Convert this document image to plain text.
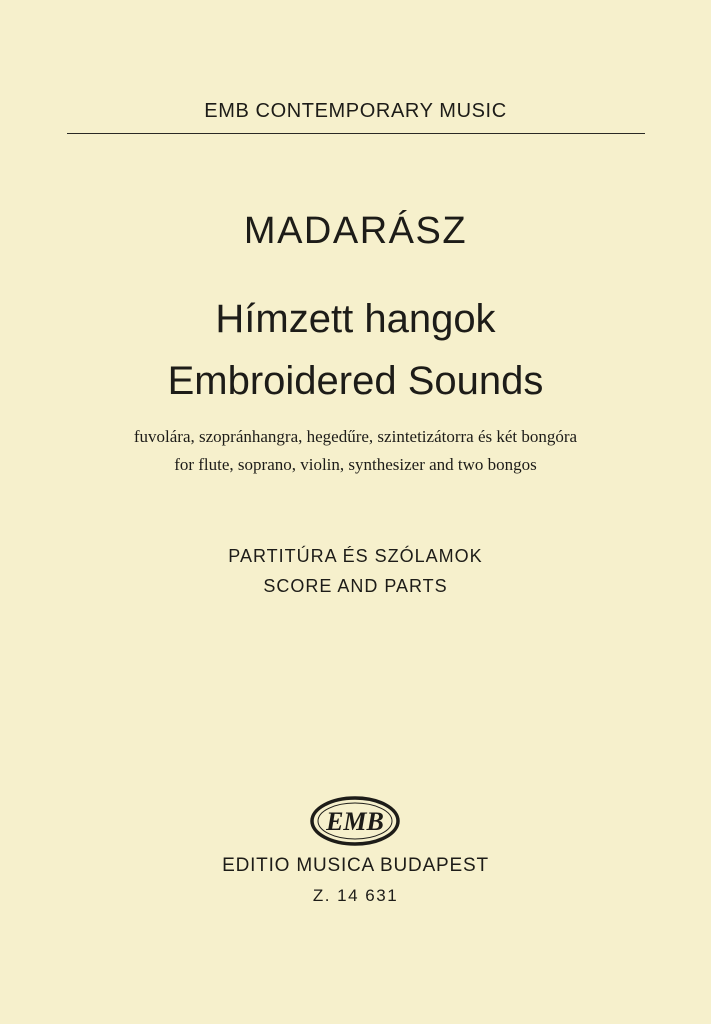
EMB CONTEMPORARY MUSIC
MADARÁSZ
Hímzett hangok
Embroidered Sounds
fuvolára, szopránhangra, hegedűre, szintetizátorra és két bongóra
for flute, soprano, violin, synthesizer and two bongos
PARTITÚRA ÉS SZÓLAMOK
SCORE AND PARTS
EMB
EDITIO MUSICA BUDAPEST
Z. 14 631
